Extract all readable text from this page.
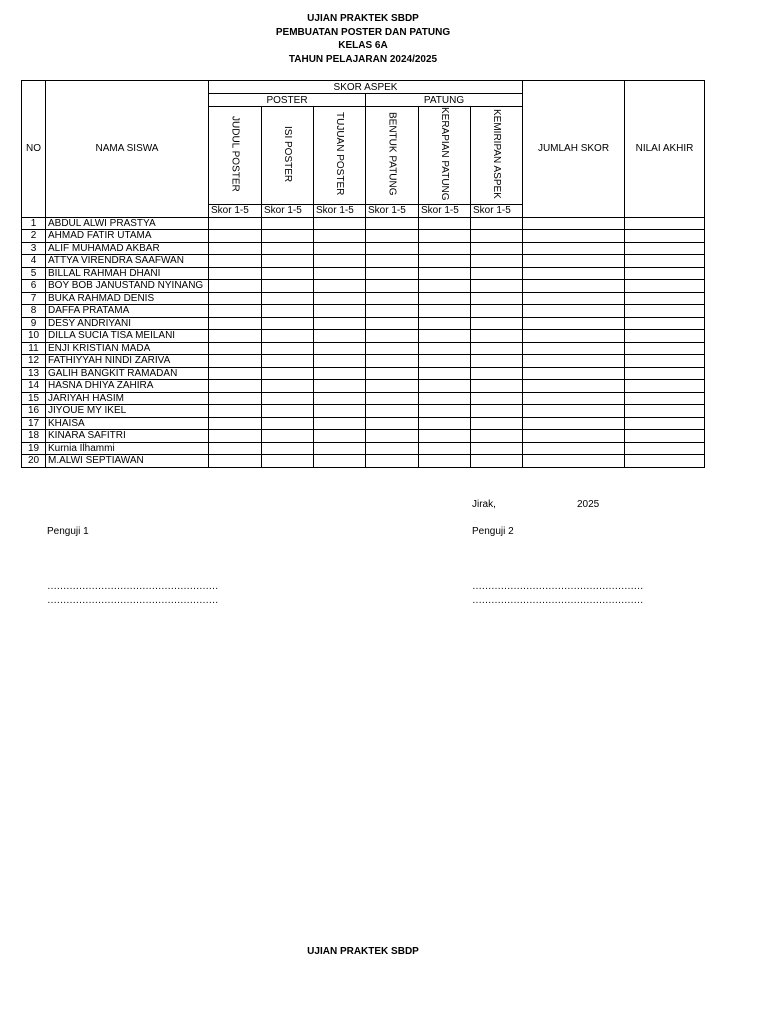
UJIAN PRAKTEK SBDP
PEMBUATAN POSTER DAN PATUNG
KELAS 6A
TAHUN PELAJARAN 2024/2025
NO	NAMA SISWA	SKOR ASPEK						JUMLAH SKOR	NILAI AKHIR
		POSTER			PATUNG				
		JUDUL POSTER	ISI POSTER	TUJUAN POSTER	BENTUK PATUNG	KERAPIAN PATUNG	KEMIRIPAN ASPEK		
		Skor 1-5	Skor 1-5	Skor 1-5	Skor 1-5	Skor 1-5	Skor 1-5		
1	ABDUL ALWI PRASTYA								
2	AHMAD FATIR UTAMA								
3	ALIF MUHAMAD AKBAR								
4	ATTYA VIRENDRA SAAFWAN								
5	BILLAL RAHMAH DHANI								
6	BOY BOB JANUSTAND NYINANG								
7	BUKA RAHMAD DENIS								
8	DAFFA PRATAMA								
9	DESY ANDRIYANI								
10	DILLA SUCIA TISA MEILANI								
11	ENJI KRISTIAN MADA								
12	FATHIYYAH NINDI ZARIVA								
13	GALIH BANGKIT RAMADAN								
14	HASNA DHIYA ZAHIRA								
15	JARIYAH HASIM								
16	JIYOUE MY IKEL								
17	KHAISA								
18	KINARA SAFITRI								
19	Kurnia Ilhammi								
20	M.ALWI SEPTIAWAN								
Jirak,	2025
Penguji 1	Penguji 2
………………………………………………
………………………………………………
………………………………………………
………………………………………………
UJIAN PRAKTEK SBDP
